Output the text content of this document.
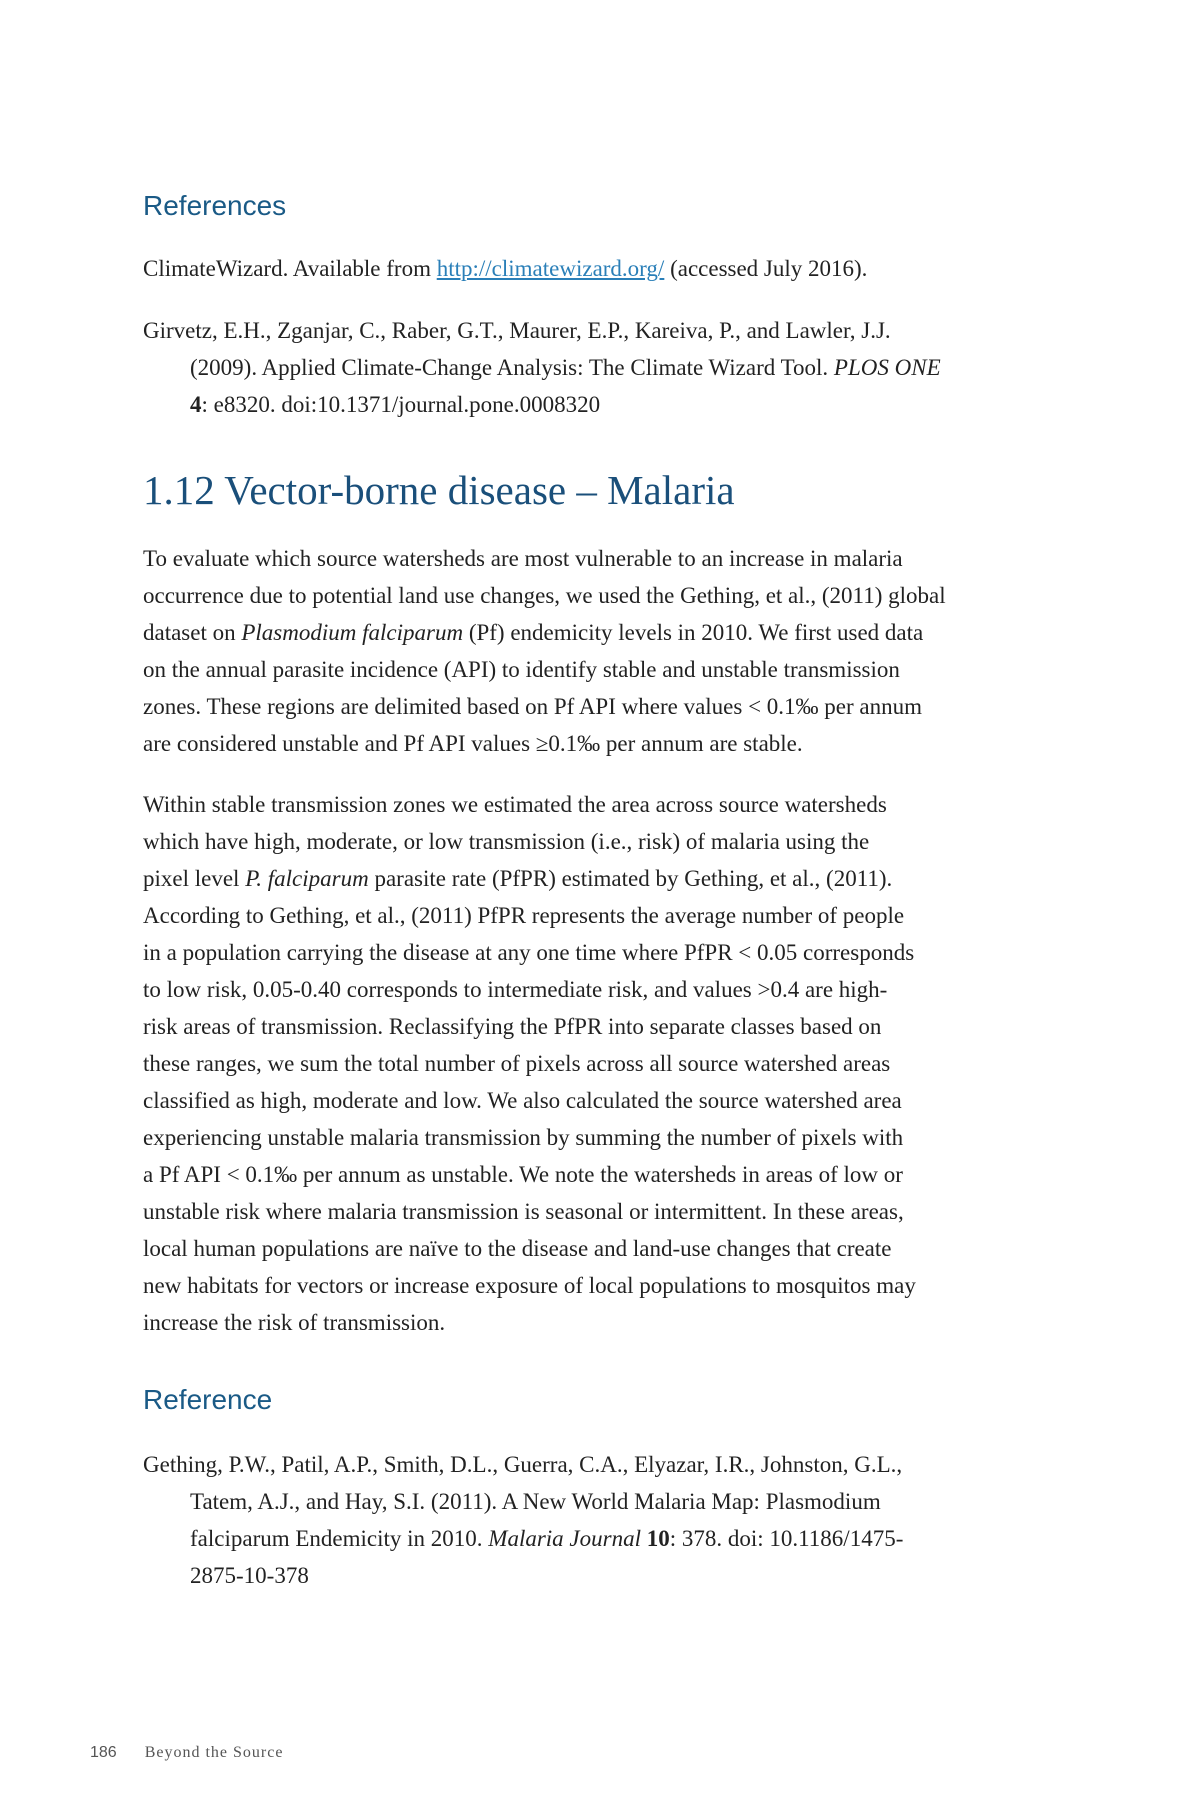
References
ClimateWizard. Available from http://climatewizard.org/ (accessed July 2016).
Girvetz, E.H., Zganjar, C., Raber, G.T., Maurer, E.P., Kareiva, P., and Lawler, J.J.
(2009). Applied Climate-Change Analysis: The Climate Wizard Tool. PLOS ONE
4: e8320. doi:10.1371/journal.pone.0008320
1.12 Vector-borne disease – Malaria
To evaluate which source watersheds are most vulnerable to an increase in malaria
occurrence due to potential land use changes, we used the Gething, et al., (2011) global
dataset on Plasmodium falciparum (Pf) endemicity levels in 2010. We first used data
on the annual parasite incidence (API) to identify stable and unstable transmission
zones. These regions are delimited based on Pf API where values < 0.1‰ per annum
are considered unstable and Pf API values ≥0.1‰ per annum are stable.
Within stable transmission zones we estimated the area across source watersheds
which have high, moderate, or low transmission (i.e., risk) of malaria using the
pixel level P. falciparum parasite rate (PfPR) estimated by Gething, et al., (2011).
According to Gething, et al., (2011) PfPR represents the average number of people
in a population carrying the disease at any one time where PfPR < 0.05 corresponds
to low risk, 0.05-0.40 corresponds to intermediate risk, and values >0.4 are high-
risk areas of transmission. Reclassifying the PfPR into separate classes based on
these ranges, we sum the total number of pixels across all source watershed areas
classified as high, moderate and low. We also calculated the source watershed area
experiencing unstable malaria transmission by summing the number of pixels with
a Pf API < 0.1‰ per annum as unstable. We note the watersheds in areas of low or
unstable risk where malaria transmission is seasonal or intermittent. In these areas,
local human populations are naïve to the disease and land-use changes that create
new habitats for vectors or increase exposure of local populations to mosquitos may
increase the risk of transmission.
Reference
Gething, P.W., Patil, A.P., Smith, D.L., Guerra, C.A., Elyazar, I.R., Johnston, G.L.,
Tatem, A.J., and Hay, S.I. (2011). A New World Malaria Map: Plasmodium
falciparum Endemicity in 2010. Malaria Journal 10: 378. doi: 10.1186/1475-
2875-10-378
186 Beyond the Source
